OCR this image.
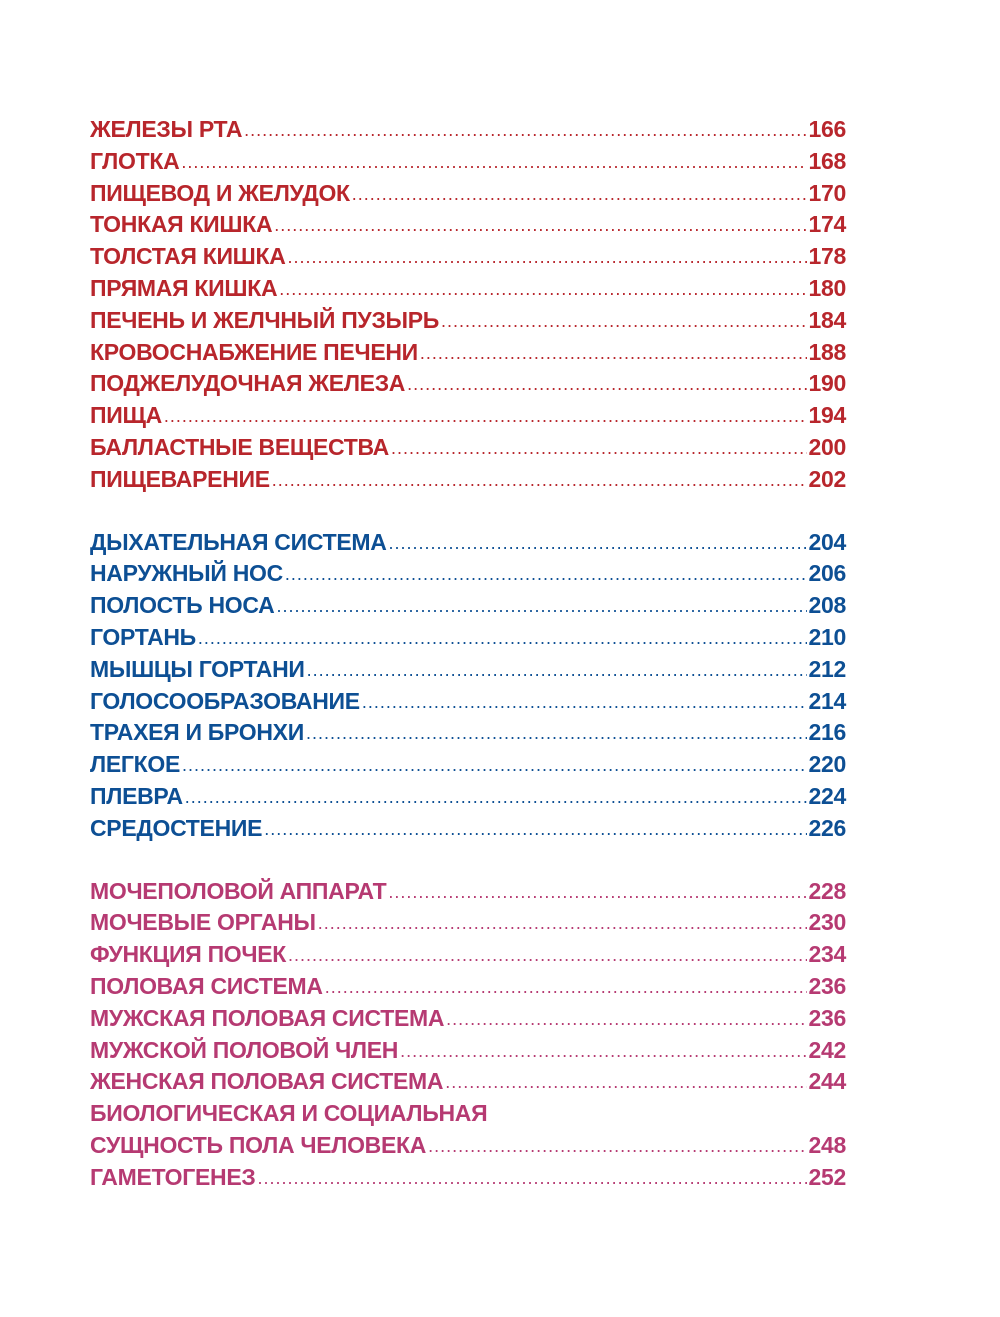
ЖЕЛЕЗЫ РТА .....	166
ГЛОТКА .....	168
ПИЩЕВОД И ЖЕЛУДОК .....	170
ТОНКАЯ КИШКА .....	174
ТОЛСТАЯ КИШКА .....	178
ПРЯМАЯ КИШКА .....	180
ПЕЧЕНЬ И ЖЕЛЧНЫЙ ПУЗЫРЬ .....	184
КРОВОСНАБЖЕНИЕ ПЕЧЕНИ .....	188
ПОДЖЕЛУДОЧНАЯ ЖЕЛЕЗА .....	190
ПИЩА .....	194
БАЛЛАСТНЫЕ ВЕЩЕСТВА .....	200
ПИЩЕВАРЕНИЕ .....	202
ДЫХАТЕЛЬНАЯ СИСТЕМА .....	204
НАРУЖНЫЙ НОС .....	206
ПОЛОСТЬ НОСА .....	208
ГОРТАНЬ .....	210
МЫШЦЫ ГОРТАНИ .....	212
ГОЛОСООБРАЗОВАНИЕ .....	214
ТРАХЕЯ И БРОНХИ .....	216
ЛЕГКОЕ .....	220
ПЛЕВРА .....	224
СРЕДОСТЕНИЕ .....	226
МОЧЕПОЛОВОЙ АППАРАТ .....	228
МОЧЕВЫЕ ОРГАНЫ .....	230
ФУНКЦИЯ ПОЧЕК .....	234
ПОЛОВАЯ СИСТЕМА .....	236
МУЖСКАЯ ПОЛОВАЯ СИСТЕМА .....	236
МУЖСКОЙ ПОЛОВОЙ ЧЛЕН .....	242
ЖЕНСКАЯ ПОЛОВАЯ СИСТЕМА .....	244
БИОЛОГИЧЕСКАЯ И СОЦИАЛЬНАЯ
СУЩНОСТЬ ПОЛА ЧЕЛОВЕКА .....	248
ГАМЕТОГЕНЕЗ .....	252
